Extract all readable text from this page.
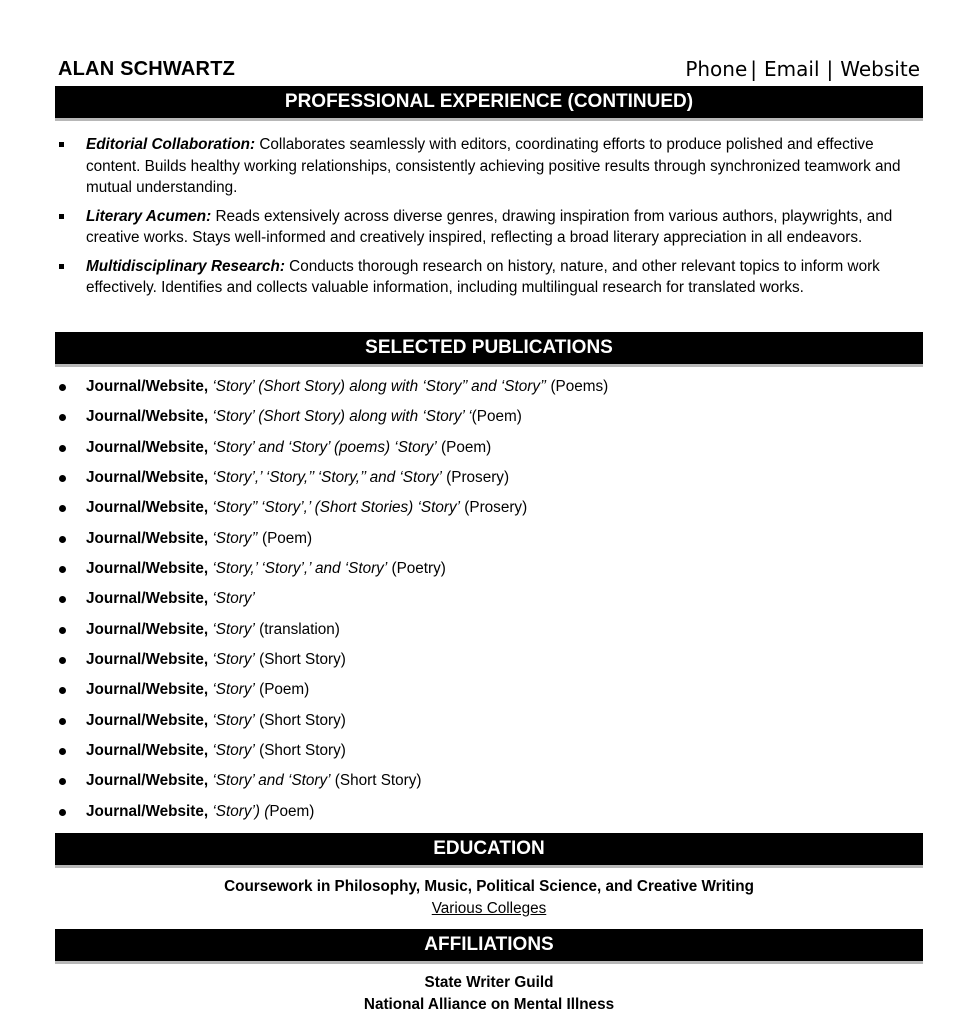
ALAN SCHWARTZ	Phone | Email | Website
PROFESSIONAL EXPERIENCE (CONTINUED)
Editorial Collaboration: Collaborates seamlessly with editors, coordinating efforts to produce polished and effective content. Builds healthy working relationships, consistently achieving positive results through synchronized teamwork and mutual understanding.
Literary Acumen: Reads extensively across diverse genres, drawing inspiration from various authors, playwrights, and creative works. Stays well-informed and creatively inspired, reflecting a broad literary appreciation in all endeavors.
Multidisciplinary Research: Conducts thorough research on history, nature, and other relevant topics to inform work effectively. Identifies and collects valuable information, including multilingual research for translated works.
SELECTED PUBLICATIONS
Journal/Website, ‘Story’ (Short Story) along with ‘Story’’ and ‘Story’’ (Poems)
Journal/Website, ‘Story’ (Short Story) along with ‘Story’ ‘(Poem)
Journal/Website, ‘Story’ and ‘Story’ (poems) ‘Story’ (Poem)
Journal/Website, ‘Story’,’ ‘Story,’’ ‘Story,’’ and ‘Story’ (Prosery)
Journal/Website, ‘Story’’ ‘Story’,’ (Short Stories) ‘Story’ (Prosery)
Journal/Website, ‘Story’’ (Poem)
Journal/Website, ‘Story,’ ‘Story’,’ and ‘Story’ (Poetry)
Journal/Website, ‘Story’
Journal/Website, ‘Story’ (translation)
Journal/Website, ‘Story’ (Short Story)
Journal/Website, ‘Story’ (Poem)
Journal/Website, ‘Story’ (Short Story)
Journal/Website, ‘Story’ (Short Story)
Journal/Website, ‘Story’ and ‘Story’ (Short Story)
Journal/Website, ‘Story’) (Poem)
EDUCATION
Coursework in Philosophy, Music, Political Science, and Creative Writing
Various Colleges
AFFILIATIONS
State Writer Guild
National Alliance on Mental Illness
